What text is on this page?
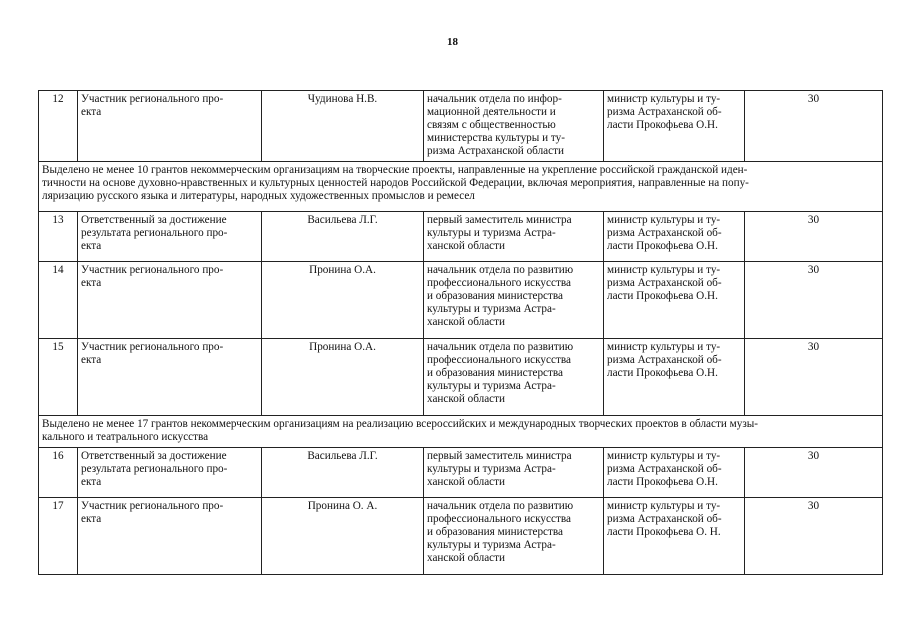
18
12	Участник регионального про-
екта	Чудинова Н.В.	начальник отдела по инфор-
мационной деятельности и
связям с общественностью
министерства культуры и ту-
ризма Астраханской области	министр культуры и ту-
ризма Астраханской об-
ласти Прокофьева О.Н.	30

Выделено не менее 10 грантов некоммерческим организациям на творческие проекты, направленные на укрепление российской гражданской иден-
тичности на основе духовно-нравственных и культурных ценностей народов Российской Федерации, включая мероприятия, направленные на попу-
ляризацию русского языка и литературы, народных художественных промыслов и ремесел					

13	Ответственный за достижение
результата регионального про-
екта	Васильева Л.Г.	первый заместитель министра
культуры и туризма Астра-
ханской области	министр культуры и ту-
ризма Астраханской об-
ласти Прокофьева О.Н.	30
14	Участник регионального про-
екта	Пронина О.А.	начальник отдела по развитию
профессионального искусства
и образования министерства
культуры и туризма Астра-
ханской области	министр культуры и ту-
ризма Астраханской об-
ласти Прокофьева О.Н.	30
15	Участник регионального про-
екта	Пронина О.А.	начальник отдела по развитию
профессионального искусства
и образования министерства
культуры и туризма Астра-
ханской области	министр культуры и ту-
ризма Астраханской об-
ласти Прокофьева О.Н.	30

Выделено не менее 17 грантов некоммерческим организациям на реализацию всероссийских и международных творческих проектов в области музы-
кального и театрального искусства					

16	Ответственный за достижение
результата регионального про-
екта	Васильева Л.Г.	первый заместитель министра
культуры и туризма Астра-
ханской области	министр культуры и ту-
ризма Астраханской об-
ласти Прокофьева О.Н.	30
17	Участник регионального про-
екта	Пронина О. А.	начальник отдела по развитию
профессионального искусства
и образования министерства
культуры и туризма Астра-
ханской области	министр культуры и ту-
ризма Астраханской об-
ласти Прокофьева О. Н.	30
